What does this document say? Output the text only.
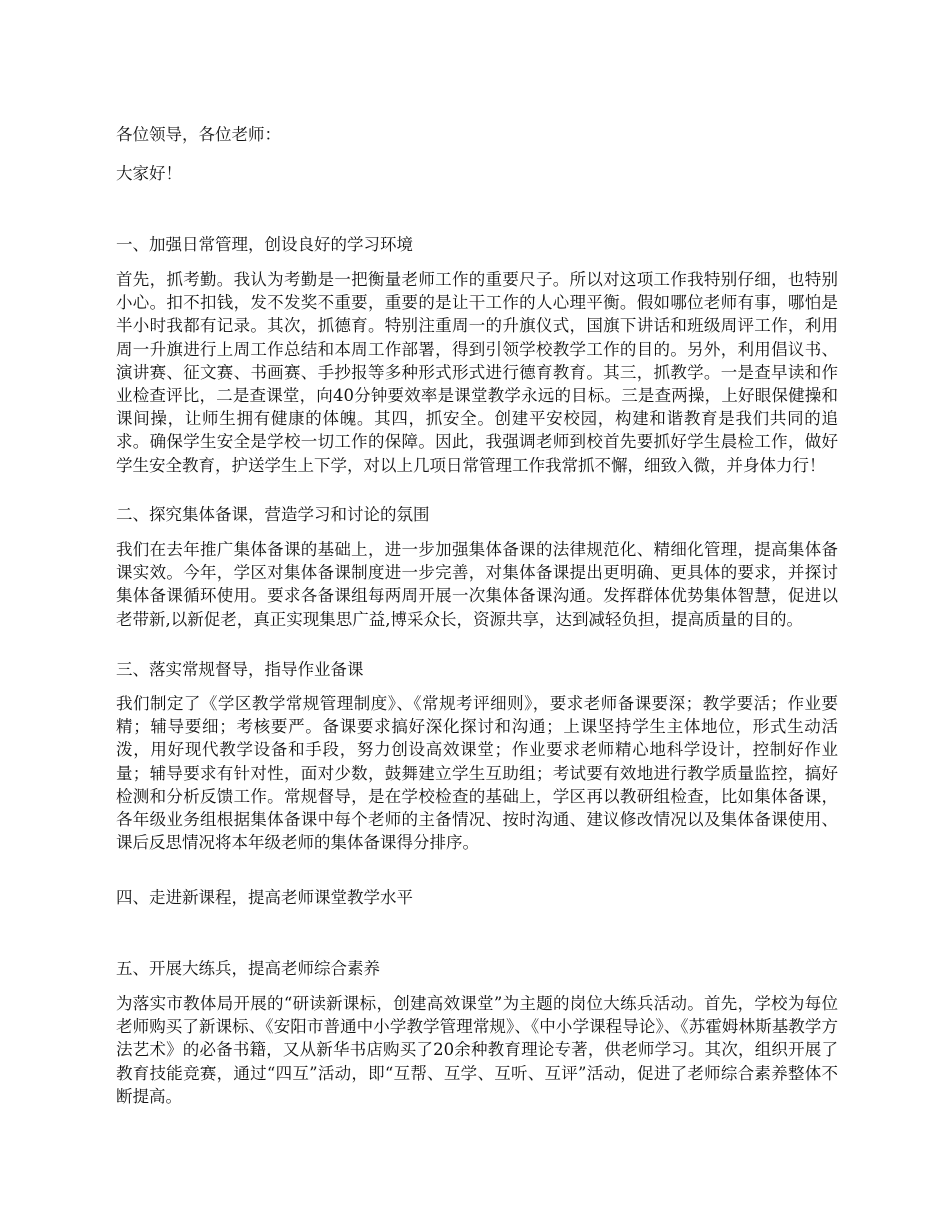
各位领导，各位老师：
大家好！
一、加强日常管理，创设良好的学习环境
首先，抓考勤。我认为考勤是一把衡量老师工作的重要尺子。所以对这项工作我特别仔细，也特别小心。扣不扣钱，发不发奖不重要，重要的是让干工作的人心理平衡。假如哪位老师有事，哪怕是半小时我都有记录。其次，抓德育。特别注重周一的升旗仪式，国旗下讲话和班级周评工作，利用周一升旗进行上周工作总结和本周工作部署，得到引领学校教学工作的目的。另外，利用倡议书、演讲赛、征文赛、书画赛、手抄报等多种形式形式进行德育教育。其三，抓教学。一是查早读和作业检查评比，二是查课堂，向40分钟要效率是课堂教学永远的目标。三是查两操，上好眼保健操和课间操，让师生拥有健康的体魄。其四，抓安全。创建平安校园，构建和谐教育是我们共同的追求。确保学生安全是学校一切工作的保障。因此，我强调老师到校首先要抓好学生晨检工作，做好学生安全教育，护送学生上下学，对以上几项日常管理工作我常抓不懈，细致入微，并身体力行！
二、探究集体备课，营造学习和讨论的氛围
我们在去年推广集体备课的基础上，进一步加强集体备课的法律规范化、精细化管理，提高集体备课实效。今年，学区对集体备课制度进一步完善，对集体备课提出更明确、更具体的要求，并探讨集体备课循环使用。要求各备课组每两周开展一次集体备课沟通。发挥群体优势集体智慧，促进以老带新,以新促老，真正实现集思广益,博采众长，资源共享，达到减轻负担，提高质量的目的。
三、落实常规督导，指导作业备课
我们制定了《学区教学常规管理制度》、《常规考评细则》，要求老师备课要深；教学要活；作业要精；辅导要细；考核要严。备课要求搞好深化探讨和沟通；上课坚持学生主体地位，形式生动活泼，用好现代教学设备和手段，努力创设高效课堂；作业要求老师精心地科学设计，控制好作业量；辅导要求有针对性，面对少数，鼓舞建立学生互助组；考试要有效地进行教学质量监控，搞好检测和分析反馈工作。常规督导，是在学校检查的基础上，学区再以教研组检查，比如集体备课，各年级业务组根据集体备课中每个老师的主备情况、按时沟通、建议修改情况以及集体备课使用、课后反思情况将本年级老师的集体备课得分排序。
四、走进新课程，提高老师课堂教学水平
五、开展大练兵，提高老师综合素养
为落实市教体局开展的“研读新课标，创建高效课堂”为主题的岗位大练兵活动。首先，学校为每位老师购买了新课标、《安阳市普通中小学教学管理常规》、《中小学课程导论》、《苏霍姆林斯基教学方法艺术》的必备书籍，又从新华书店购买了20余种教育理论专著，供老师学习。其次，组织开展了教育技能竞赛，通过“四互”活动，即“互帮、互学、互听、互评”活动，促进了老师综合素养整体不断提高。
